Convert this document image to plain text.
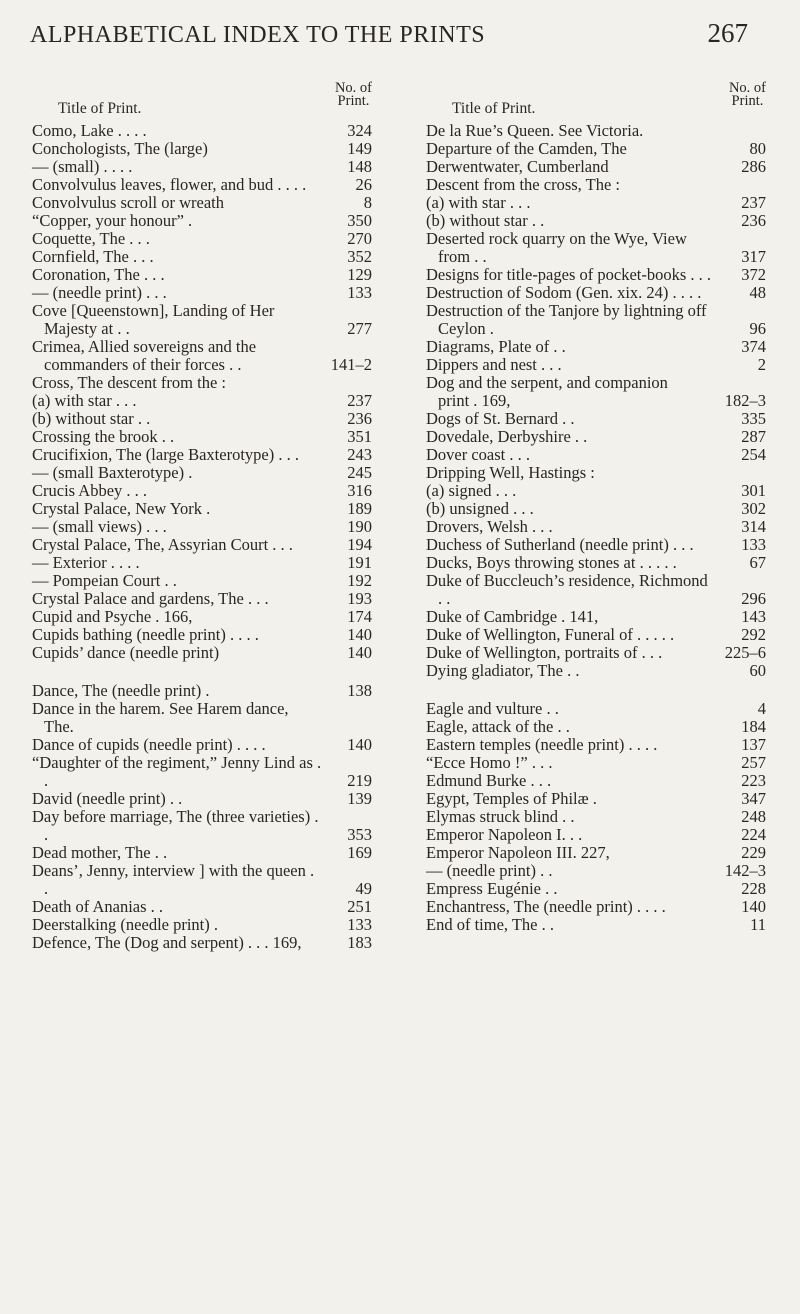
ALPHABETICAL INDEX TO THE PRINTS	267
Title of Print.
No. of
Print.
Como, Lake . . . .	324
Conchologists, The (large)	149
— (small) . . . .	148
Convolvulus leaves, flower, and bud . . . .	26
Convolvulus scroll or wreath	8
“Copper, your honour” .	350
Coquette, The . . .	270
Cornfield, The . . .	352
Coronation, The . . .	129
— (needle print) . . .	133
Cove [Queenstown], Landing of Her Majesty at . .	277
Crimea, Allied sovereigns and the commanders of their forces . .	141–2
Cross, The descent from the :
(a) with star . . .	237
(b) without star . .	236
Crossing the brook . .	351
Crucifixion, The (large Baxterotype) . . .	243
— (small Baxterotype) .	245
Crucis Abbey . . .	316
Crystal Palace, New York .	189
— (small views) . . .	190
Crystal Palace, The, Assyrian Court . . .	194
— Exterior . . . .	191
— Pompeian Court . .	192
Crystal Palace and gardens, The . . .	193
Cupid and Psyche . 166,	174
Cupids bathing (needle print) . . . .	140
Cupids’ dance (needle print)	140
Dance, The (needle print) .	138
Dance in the harem. See Harem dance, The.
Dance of cupids (needle print) . . . .	140
“Daughter of the regiment,” Jenny Lind as . .	219
David (needle print) . .	139
Day before marriage, The (three varieties) . .	353
Dead mother, The . .	169
Deans’, Jenny, interview ] with the queen . .	49
Death of Ananias . .	251
Deerstalking (needle print) .	133
Defence, The (Dog and serpent) . . . 169,	183
Title of Print.
No. of
Print.
De la Rue’s Queen. See Victoria.
Departure of the Camden, The	80
Derwentwater, Cumberland	286
Descent from the cross, The :
(a) with star . . .	237
(b) without star . .	236
Deserted rock quarry on the Wye, View from . .	317
Designs for title-pages of pocket-books . . . 372
Destruction of Sodom (Gen. xix. 24) . . . .	48
Destruction of the Tanjore by lightning off Ceylon .	96
Diagrams, Plate of . .	374
Dippers and nest . . .	2
Dog and the serpent, and companion print . 169,	182–3
Dogs of St. Bernard . .	335
Dovedale, Derbyshire . .	287
Dover coast . . .	254
Dripping Well, Hastings :
(a) signed . . .	301
(b) unsigned . . .	302
Drovers, Welsh . . .	314
Duchess of Sutherland (needle print) . . .	133
Ducks, Boys throwing stones at . . . . .	67
Duke of Buccleuch’s residence, Richmond . .	296
Duke of Cambridge . 141,	143
Duke of Wellington, Funeral of . . . . .	292
Duke of Wellington, portraits of . . .	225–6
Dying gladiator, The . .	60
Eagle and vulture . .	4
Eagle, attack of the . .	184
Eastern temples (needle print) . . . .	137
“Ecce Homo !” . . .	257
Edmund Burke . . .	223
Egypt, Temples of Philæ .	347
Elymas struck blind . .	248
Emperor Napoleon I. . .	224
Emperor Napoleon III. 227,	229
— (needle print) . .	142–3
Empress Eugénie . .	228
Enchantress, The (needle print) . . . .	140
End of time, The . .	11
